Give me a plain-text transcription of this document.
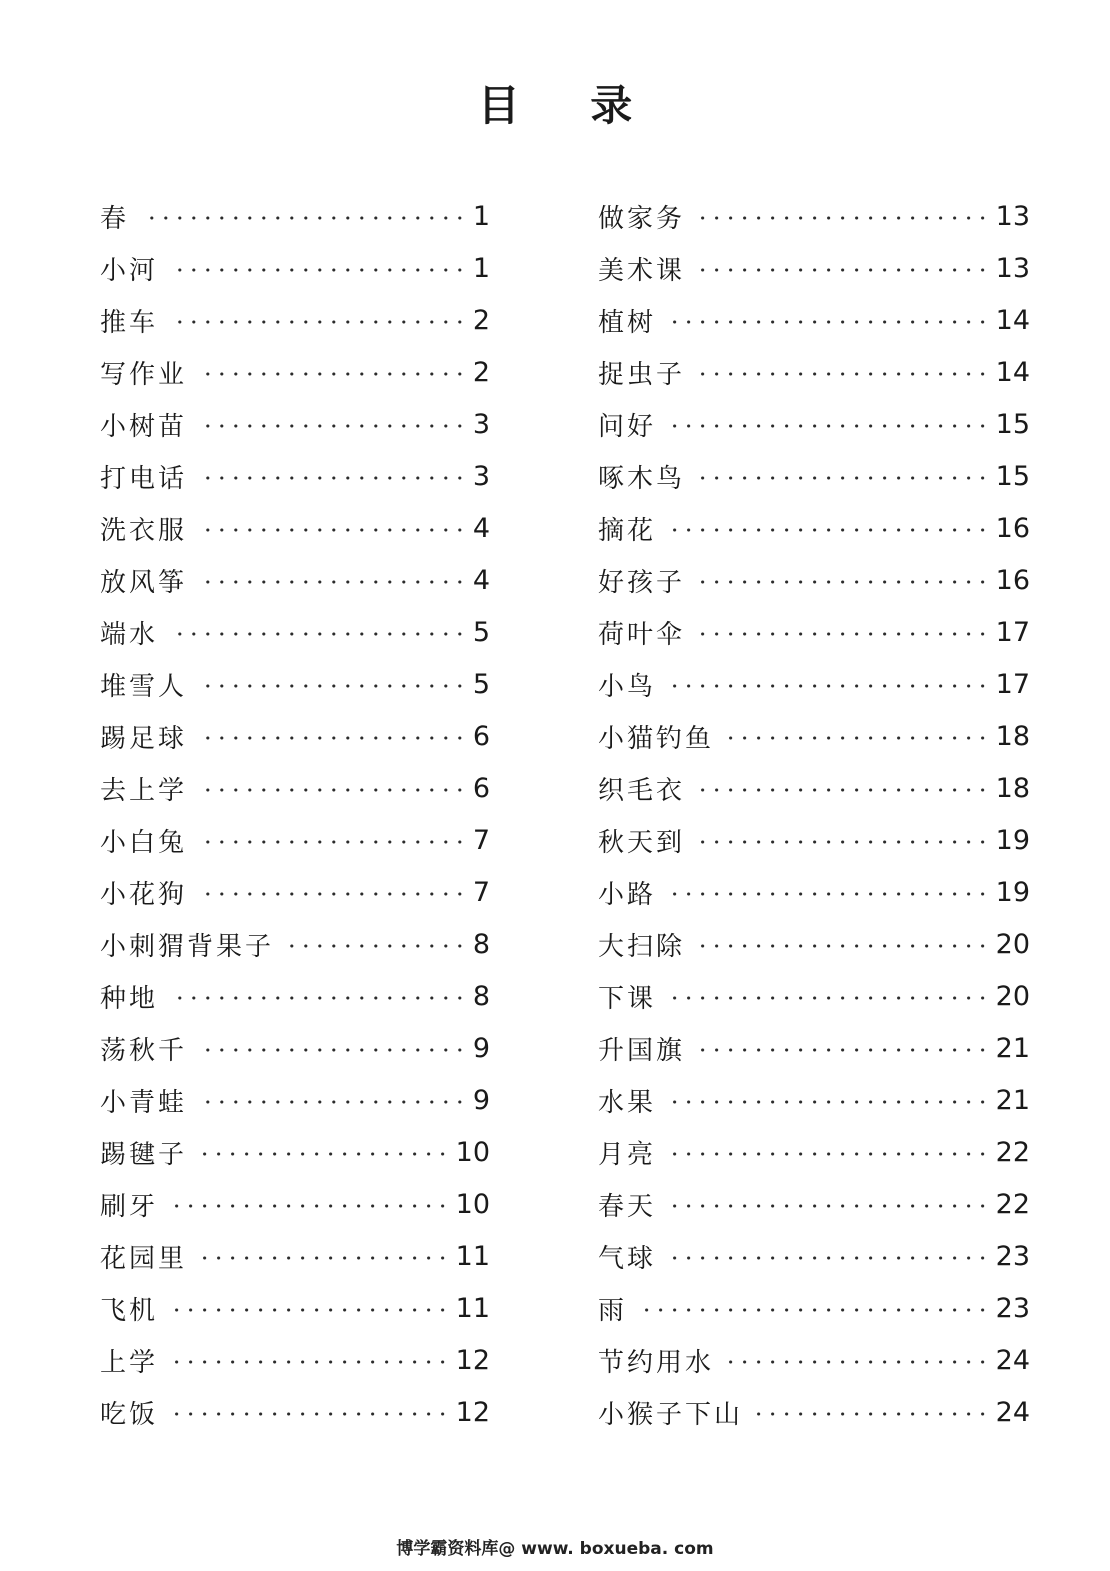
目 录
春	1
小河	1
推车	2
写作业	2
小树苗	3
打电话	3
洗衣服	4
放风筝	4
端水	5
堆雪人	5
踢足球	6
去上学	6
小白兔	7
小花狗	7
小刺猬背果子	8
种地	8
荡秋千	9
小青蛙	9
踢毽子	10
刷牙	10
花园里	11
飞机	11
上学	12
吃饭	12
做家务	13
美术课	13
植树	14
捉虫子	14
问好	15
啄木鸟	15
摘花	16
好孩子	16
荷叶伞	17
小鸟	17
小猫钓鱼	18
织毛衣	18
秋天到	19
小路	19
大扫除	20
下课	20
升国旗	21
水果	21
月亮	22
春天	22
气球	23
雨	23
节约用水	24
小猴子下山	24
博学霸资料库@ www. boxueba. com
